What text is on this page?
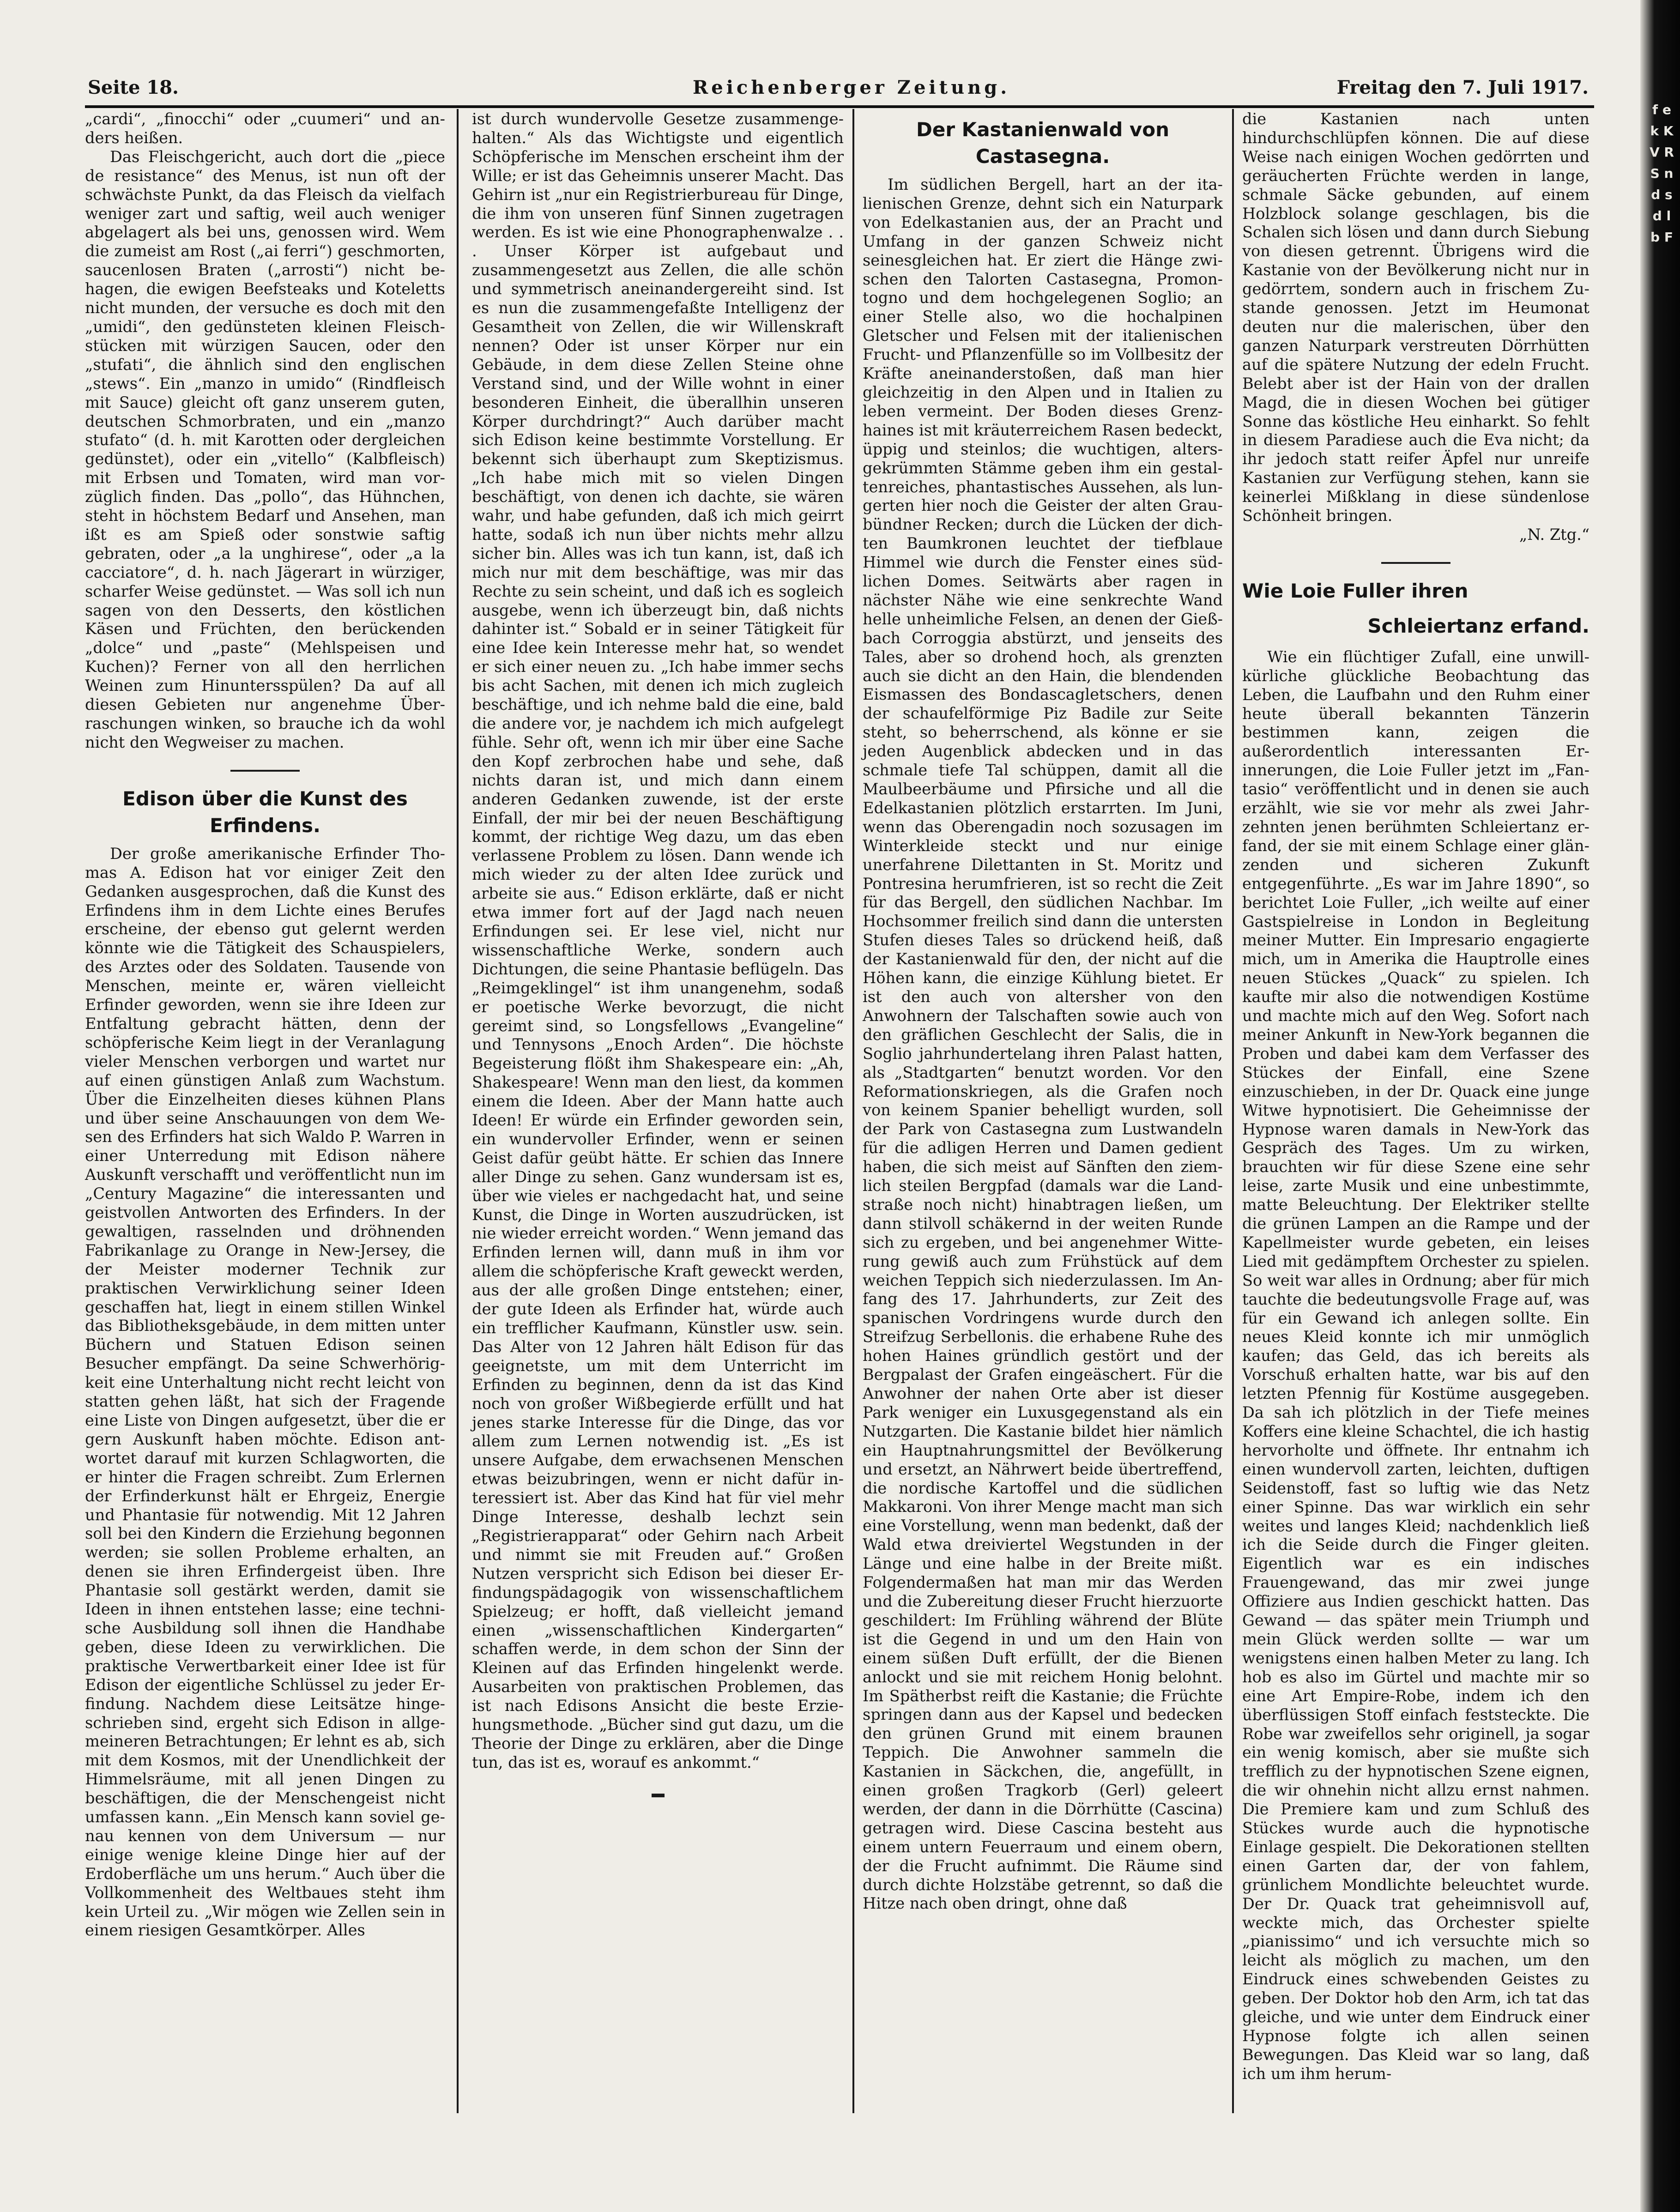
Seite 18.	Reichenberger Zeitung.	Freitag den 7. Juli 1917.

„cardi“, „finocchi“ oder „cuumeri“ und anders heißen.

Das Fleischgericht, auch dort die „piece de resistance“ des Menus, ist nun oft der schwächste Punkt, da das Fleisch da vielfach weniger zart und saftig, weil auch weniger abgelagert als bei uns, genossen wird. Wem die zumeist am Rost („ai ferri“) geschmorten, saucenlosen Braten („arrosti“) nicht behagen, die ewigen Beefsteaks und Koteletts nicht munden, der versuche es doch mit den „umidi“, den gedünsteten kleinen Fleischstücken mit würzigen Saucen, oder den „stufati“, die ähnlich sind den englischen „stews“. Ein „manzo in umido“ (Rindfleisch mit Sauce) gleicht oft ganz unserem guten, deutschen Schmorbraten, und ein „manzo stufato“ (d. h. mit Karotten oder dergleichen gedünstet), oder ein „vitello“ (Kalbfleisch) mit Erbsen und Tomaten, wird man vorzüglich finden. Das „pollo“, das Hühnchen, steht in höchstem Bedarf und Ansehen, man ißt es am Spieß oder sonstwie saftig gebraten, oder „a la unghirese“, oder „a la cacciatore“, d. h. nach Jägerart in würziger, scharfer Weise gedünstet. — Was soll ich nun sagen von den Desserts, den köstlichen Käsen und Früchten, den berückenden „dolce“ und „paste“ (Mehlspeisen und Kuchen)? Ferner von all den herrlichen Weinen zum Hinuntersspülen? Da auf all diesen Gebieten nur angenehme Überraschungen winken, so brauche ich da wohl nicht den Wegweiser zu machen.

Edison über die Kunst des Erfindens.

Der große amerikanische Erfinder Thomas A. Edison hat vor einiger Zeit den Gedanken ausgesprochen, daß die Kunst des Erfindens ihm in dem Lichte eines Berufes erscheine, der ebenso gut gelernt werden könnte wie die Tätigkeit des Schauspielers, des Arztes oder des Soldaten. Tausende von Menschen, meinte er, wären vielleicht Erfinder geworden, wenn sie ihre Ideen zur Entfaltung gebracht hätten, denn der schöpferische Keim liegt in der Veranlagung vieler Menschen verborgen und wartet nur auf einen günstigen Anlaß zum Wachstum. Über die Einzelheiten dieses kühnen Plans und über seine Anschauungen von dem Wesen des Erfinders hat sich Waldo P. Warren in einer Unterredung mit Edison nähere Auskunft verschafft und veröffentlicht nun im „Century Magazine“ die interessanten und geistvollen Antworten des Erfinders. In der gewaltigen, rasselnden und dröhnenden Fabrikanlage zu Orange in New-Jersey, die der Meister moderner Technik zur praktischen Verwirklichung seiner Ideen geschaffen hat, liegt in einem stillen Winkel das Bibliotheksgebäude, in dem mitten unter Büchern und Statuen Edison seinen Besucher empfängt. Da seine Schwerhörigkeit eine Unterhaltung nicht recht leicht von statten gehen läßt, hat sich der Fragende eine Liste von Dingen aufgesetzt, über die er gern Auskunft haben möchte. Edison antwortet darauf mit kurzen Schlagworten, die er hinter die Fragen schreibt. Zum Erlernen der Erfinderkunst hält er Ehrgeiz, Energie und Phantasie für notwendig. Mit 12 Jahren soll bei den Kindern die Erziehung begonnen werden; sie sollen Probleme erhalten, an denen sie ihren Erfindergeist üben. Ihre Phantasie soll gestärkt werden, damit sie Ideen in ihnen entstehen lasse; eine technische Ausbildung soll ihnen die Handhabe geben, diese Ideen zu verwirklichen. Die praktische Verwertbarkeit einer Idee ist für Edison der eigentliche Schlüssel zu jeder Erfindung. Nachdem diese Leitsätze hingeschrieben sind, ergeht sich Edison in allgemeineren Betrachtungen; Er lehnt es ab, sich mit dem Kosmos, mit der Unendlichkeit der Himmelsräume, mit all jenen Dingen zu beschäftigen, die der Menschengeist nicht umfassen kann. „Ein Mensch kann soviel genau kennen von dem Universum — nur einige wenige kleine Dinge hier auf der Erdoberfläche um uns herum.“ Auch über die Vollkommenheit des Weltbaues steht ihm kein Urteil zu. „Wir mögen wie Zellen sein in einem riesigen Gesamtkörper. Alles

ist durch wundervolle Gesetze zusammengehalten.“ Als das Wichtigste und eigentlich Schöpferische im Menschen erscheint ihm der Wille; er ist das Geheimnis unserer Macht. Das Gehirn ist „nur ein Registrierbureau für Dinge, die ihm von unseren fünf Sinnen zugetragen werden. Es ist wie eine Phonographenwalze . . . Unser Körper ist aufgebaut und zusammengesetzt aus Zellen, die alle schön und symmetrisch aneinandergereiht sind. Ist es nun die zusammengefaßte Intelligenz der Gesamtheit von Zellen, die wir Willenskraft nennen? Oder ist unser Körper nur ein Gebäude, in dem diese Zellen Steine ohne Verstand sind, und der Wille wohnt in einer besonderen Einheit, die überallhin unseren Körper durchdringt?“ Auch darüber macht sich Edison keine bestimmte Vorstellung. Er bekennt sich überhaupt zum Skeptizismus. „Ich habe mich mit so vielen Dingen beschäftigt, von denen ich dachte, sie wären wahr, und habe gefunden, daß ich mich geirrt hatte, sodaß ich nun über nichts mehr allzu sicher bin. Alles was ich tun kann, ist, daß ich mich nur mit dem beschäftige, was mir das Rechte zu sein scheint, und daß ich es sogleich ausgebe, wenn ich überzeugt bin, daß nichts dahinter ist.“ Sobald er in seiner Tätigkeit für eine Idee kein Interesse mehr hat, so wendet er sich einer neuen zu. „Ich habe immer sechs bis acht Sachen, mit denen ich mich zugleich beschäftige, und ich nehme bald die eine, bald die andere vor, je nachdem ich mich aufgelegt fühle. Sehr oft, wenn ich mir über eine Sache den Kopf zerbrochen habe und sehe, daß nichts daran ist, und mich dann einem anderen Gedanken zuwende, ist der erste Einfall, der mir bei der neuen Beschäftigung kommt, der richtige Weg dazu, um das eben verlassene Problem zu lösen. Dann wende ich mich wieder zu der alten Idee zurück und arbeite sie aus.“ Edison erklärte, daß er nicht etwa immer fort auf der Jagd nach neuen Erfindungen sei. Er lese viel, nicht nur wissenschaftliche Werke, sondern auch Dichtungen, die seine Phantasie beflügeln. Das „Reimgeklingel“ ist ihm unangenehm, sodaß er poetische Werke bevorzugt, die nicht gereimt sind, so Longsfellows „Evangeline“ und Tennysons „Enoch Arden“. Die höchste Begeisterung flößt ihm Shakespeare ein: „Ah, Shakespeare! Wenn man den liest, da kommen einem die Ideen. Aber der Mann hatte auch Ideen! Er würde ein Erfinder geworden sein, ein wundervoller Erfinder, wenn er seinen Geist dafür geübt hätte. Er schien das Innere aller Dinge zu sehen. Ganz wundersam ist es, über wie vieles er nachgedacht hat, und seine Kunst, die Dinge in Worten auszudrücken, ist nie wieder erreicht worden.“ Wenn jemand das Erfinden lernen will, dann muß in ihm vor allem die schöpferische Kraft geweckt werden, aus der alle großen Dinge entstehen; einer, der gute Ideen als Erfinder hat, würde auch ein trefflicher Kaufmann, Künstler usw. sein. Das Alter von 12 Jahren hält Edison für das geeignetste, um mit dem Unterricht im Erfinden zu beginnen, denn da ist das Kind noch von großer Wißbegierde erfüllt und hat jenes starke Interesse für die Dinge, das vor allem zum Lernen notwendig ist. „Es ist unsere Aufgabe, dem erwachsenen Menschen etwas beizubringen, wenn er nicht dafür interessiert ist. Aber das Kind hat für viel mehr Dinge Interesse, deshalb lechzt sein „Registrierapparat“ oder Gehirn nach Arbeit und nimmt sie mit Freuden auf.“ Großen Nutzen verspricht sich Edison bei dieser Erfindungspädagogik von wissenschaftlichem Spielzeug; er hofft, daß vielleicht jemand einen „wissenschaftlichen Kindergarten“ schaffen werde, in dem schon der Sinn der Kleinen auf das Erfinden hingelenkt werde. Ausarbeiten von praktischen Problemen, das ist nach Edisons Ansicht die beste Erziehungsmethode. „Bücher sind gut dazu, um die Theorie der Dinge zu erklären, aber die Dinge tun, das ist es, worauf es ankommt.“

Der Kastanienwald von Castasegna.

Im südlichen Bergell, hart an der italienischen Grenze, dehnt sich ein Naturpark von Edelkastanien aus, der an Pracht und Umfang in der ganzen Schweiz nicht seinesgleichen hat. Er ziert die Hänge zwischen den Talorten Castasegna, Promontogno und dem hochgelegenen Soglio; an einer Stelle also, wo die hochalpinen Gletscher und Felsen mit der italienischen Frucht- und Pflanzenfülle so im Vollbesitz der Kräfte aneinanderstoßen, daß man hier gleichzeitig in den Alpen und in Italien zu leben vermeint. Der Boden dieses Grenzhaines ist mit kräuterreichem Rasen bedeckt, üppig und steinlos; die wuchtigen, altersgekrümmten Stämme geben ihm ein gestaltenreiches, phantastisches Aussehen, als lungerten hier noch die Geister der alten Graubündner Recken; durch die Lücken der dichten Baumkronen leuchtet der tiefblaue Himmel wie durch die Fenster eines südlichen Domes. Seitwärts aber ragen in nächster Nähe wie eine senkrechte Wand helle unheimliche Felsen, an denen der Gießbach Corroggia abstürzt, und jenseits des Tales, aber so drohend hoch, als grenzten auch sie dicht an den Hain, die blendenden Eismassen des Bondascagletschers, denen der schaufelförmige Piz Badile zur Seite steht, so beherrschend, als könne er sie jeden Augenblick abdecken und in das schmale tiefe Tal schüppen, damit all die Maulbeerbäume und Pfirsiche und all die Edelkastanien plötzlich erstarrten. Im Juni, wenn das Oberengadin noch sozusagen im Winterkleide steckt und nur einige unerfahrene Dilettanten in St. Moritz und Pontresina herumfrieren, ist so recht die Zeit für das Bergell, den südlichen Nachbar. Im Hochsommer freilich sind dann die untersten Stufen dieses Tales so drückend heiß, daß der Kastanienwald für den, der nicht auf die Höhen kann, die einzige Kühlung bietet. Er ist den auch von altersher von den Anwohnern der Talschaften sowie auch von den gräflichen Geschlecht der Salis, die in Soglio jahrhundertelang ihren Palast hatten, als „Stadtgarten“ benutzt worden. Vor den Reformationskriegen, als die Grafen noch von keinem Spanier behelligt wurden, soll der Park von Castasegna zum Lustwandeln für die adligen Herren und Damen gedient haben, die sich meist auf Sänften den ziemlich steilen Bergpfad (damals war die Landstraße noch nicht) hinabtragen ließen, um dann stilvoll schäkernd in der weiten Runde sich zu ergeben, und bei angenehmer Witterung gewiß auch zum Frühstück auf dem weichen Teppich sich niederzulassen. Im Anfang des 17. Jahrhunderts, zur Zeit des spanischen Vordringens wurde durch den Streifzug Serbellonis. die erhabene Ruhe des hohen Haines gründlich gestört und der Bergpalast der Grafen eingeäschert. Für die Anwohner der nahen Orte aber ist dieser Park weniger ein Luxusgegenstand als ein Nutzgarten. Die Kastanie bildet hier nämlich ein Hauptnahrungsmittel der Bevölkerung und ersetzt, an Nährwert beide übertreffend, die nordische Kartoffel und die südlichen Makkaroni. Von ihrer Menge macht man sich eine Vorstellung, wenn man bedenkt, daß der Wald etwa dreiviertel Wegstunden in der Länge und eine halbe in der Breite mißt. Folgendermaßen hat man mir das Werden und die Zubereitung dieser Frucht hierzuorte geschildert: Im Frühling während der Blüte ist die Gegend in und um den Hain von einem süßen Duft erfüllt, der die Bienen anlockt und sie mit reichem Honig belohnt. Im Spätherbst reift die Kastanie; die Früchte springen dann aus der Kapsel und bedecken den grünen Grund mit einem braunen Teppich. Die Anwohner sammeln die Kastanien in Säckchen, die, angefüllt, in einen großen Tragkorb (Gerl) geleert werden, der dann in die Dörrhütte (Cascina) getragen wird. Diese Cascina besteht aus einem untern Feuerraum und einem obern, der die Frucht aufnimmt. Die Räume sind durch dichte Holzstäbe getrennt, so daß die Hitze nach oben dringt, ohne daß

die Kastanien nach unten hindurchschlüpfen können. Die auf diese Weise nach einigen Wochen gedörrten und geräucherten Früchte werden in lange, schmale Säcke gebunden, auf einem Holzblock solange geschlagen, bis die Schalen sich lösen und dann durch Siebung von diesen getrennt. Übrigens wird die Kastanie von der Bevölkerung nicht nur in gedörrtem, sondern auch in frischem Zustande genossen. Jetzt im Heumonat deuten nur die malerischen, über den ganzen Naturpark verstreuten Dörrhütten auf die spätere Nutzung der edeln Frucht. Belebt aber ist der Hain von der drallen Magd, die in diesen Wochen bei gütiger Sonne das köstliche Heu einharkt. So fehlt in diesem Paradiese auch die Eva nicht; da ihr jedoch statt reifer Äpfel nur unreife Kastanien zur Verfügung stehen, kann sie keinerlei Mißklang in diese sündenlose Schönheit bringen.

„N. Ztg.“

Wie Loie Fuller ihren
Schleiertanz erfand.

Wie ein flüchtiger Zufall, eine unwillkürliche glückliche Beobachtung das Leben, die Laufbahn und den Ruhm einer heute überall bekannten Tänzerin bestimmen kann, zeigen die außerordentlich interessanten Erinnerungen, die Loie Fuller jetzt im „Fantasio“ veröffentlicht und in denen sie auch erzählt, wie sie vor mehr als zwei Jahrzehnten jenen berühmten Schleiertanz erfand, der sie mit einem Schlage einer glänzenden und sicheren Zukunft entgegenführte. „Es war im Jahre 1890“, so berichtet Loie Fuller, „ich weilte auf einer Gastspielreise in London in Begleitung meiner Mutter. Ein Impresario engagierte mich, um in Amerika die Hauptrolle eines neuen Stückes „Quack“ zu spielen. Ich kaufte mir also die notwendigen Kostüme und machte mich auf den Weg. Sofort nach meiner Ankunft in New-York begannen die Proben und dabei kam dem Verfasser des Stückes der Einfall, eine Szene einzuschieben, in der Dr. Quack eine junge Witwe hypnotisiert. Die Geheimnisse der Hypnose waren damals in New-York das Gespräch des Tages. Um zu wirken, brauchten wir für diese Szene eine sehr leise, zarte Musik und eine unbestimmte, matte Beleuchtung. Der Elektriker stellte die grünen Lampen an die Rampe und der Kapellmeister wurde gebeten, ein leises Lied mit gedämpftem Orchester zu spielen. So weit war alles in Ordnung; aber für mich tauchte die bedeutungsvolle Frage auf, was für ein Gewand ich anlegen sollte. Ein neues Kleid konnte ich mir unmöglich kaufen; das Geld, das ich bereits als Vorschuß erhalten hatte, war bis auf den letzten Pfennig für Kostüme ausgegeben. Da sah ich plötzlich in der Tiefe meines Koffers eine kleine Schachtel, die ich hastig hervorholte und öffnete. Ihr entnahm ich einen wundervoll zarten, leichten, duftigen Seidenstoff, fast so luftig wie das Netz einer Spinne. Das war wirklich ein sehr weites und langes Kleid; nachdenklich ließ ich die Seide durch die Finger gleiten. Eigentlich war es ein indisches Frauengewand, das mir zwei junge Offiziere aus Indien geschickt hatten. Das Gewand — das später mein Triumph und mein Glück werden sollte — war um wenigstens einen halben Meter zu lang. Ich hob es also im Gürtel und machte mir so eine Art Empire-Robe, indem ich den überflüssigen Stoff einfach feststeckte. Die Robe war zweifellos sehr originell, ja sogar ein wenig komisch, aber sie mußte sich trefflich zu der hypnotischen Szene eignen, die wir ohnehin nicht allzu ernst nahmen. Die Premiere kam und zum Schluß des Stückes wurde auch die hypnotische Einlage gespielt. Die Dekorationen stellten einen Garten dar, der von fahlem, grünlichem Mondlichte beleuchtet wurde. Der Dr. Quack trat geheimnisvoll auf, weckte mich, das Orchester spielte „pianissimo“ und ich versuchte mich so leicht als möglich zu machen, um den Eindruck eines schwebenden Geistes zu geben. Der Doktor hob den Arm, ich tat das gleiche, und wie unter dem Eindruck einer Hypnose folgte ich allen seinen Bewegungen. Das Kleid war so lang, daß ich um ihm herum-

f e k K V R S n d s d l b F
